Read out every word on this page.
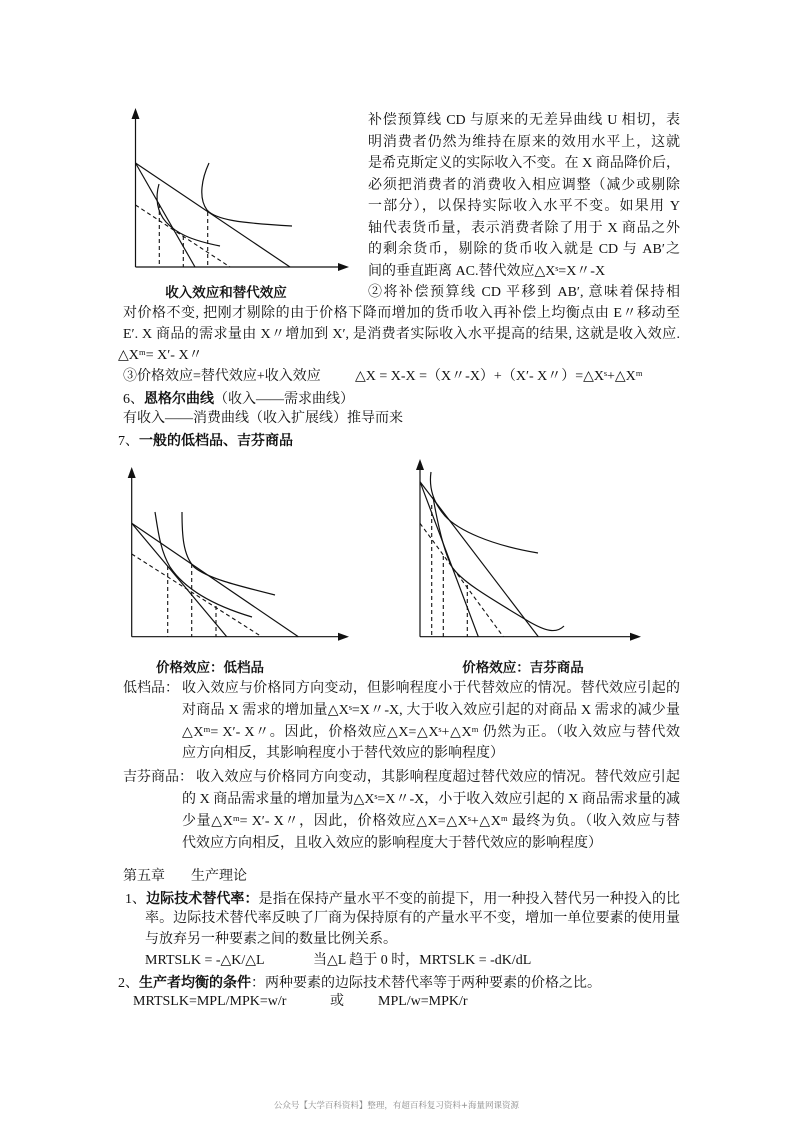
收入效应和替代效应
价格效应：低档品	价格效应：吉芬商品
补偿预算线 CD 与原来的无差异曲线 U 相切，表
明消费者仍然为维持在原来的效用水平上，这就
是希克斯定义的实际收入不变。在 X 商品降价后，
必须把消费者的消费收入相应调整（减少或剔除
一部分），以保持实际收入水平不变。如果用 Y
轴代表货币量，表示消费者除了用于 X 商品之外
的剩余货币，剔除的货币收入就是 CD 与 AB′之
间的垂直距离 AC.替代效应△Xˢ=X〃-X
②将补偿预算线 CD 平移到 AB′, 意味着保持相
对价格不变, 把刚才剔除的由于价格下降而增加的货币收入再补偿上均衡点由 E〃移动至
E′. X 商品的需求量由 X〃增加到 X′, 是消费者实际收入水平提高的结果, 这就是收入效应.
△Xᵐ= X′- X〃
③价格效应=替代效应+收入效应 △X = X-X =（X〃-X）+（X′- X〃）=△Xˢ+△Xᵐ
6、恩格尔曲线（收入——需求曲线）
有收入——消费曲线（收入扩展线）推导而来
7、一般的低档品、吉芬商品
低档品： 收入效应与价格同方向变动，但影响程度小于代替效应的情况。替代效应引起的
对商品 X 需求的增加量△Xˢ=X〃-X, 大于收入效应引起的对商品 X 需求的减少量
△Xᵐ= X′- X〃。因此，价格效应△X=△Xˢ+△Xᵐ 仍然为正。（收入效应与替代效
应方向相反，其影响程度小于替代效应的影响程度）
吉芬商品： 收入效应与价格同方向变动，其影响程度超过替代效应的情况。替代效应引起
的 X 商品需求量的增加量为△Xˢ=X〃-X，小于收入效应引起的 X 商品需求量的减
少量△Xᵐ= X′- X〃，因此，价格效应△X=△Xˢ+△Xᵐ 最终为负。（收入效应与替
代效应方向相反，且收入效应的影响程度大于替代效应的影响程度）
第五章 生产理论
1、边际技术替代率：是指在保持产量水平不变的前提下，用一种投入替代另一种投入的比
率。边际技术替代率反映了厂商为保持原有的产量水平不变，增加一单位要素的使用量
与放弃另一种要素之间的数量比例关系。
MRTSLK = -△K/△L	当△L 趋于 0 时，MRTSLK = -dK/dL
2、生产者均衡的条件：两种要素的边际技术替代率等于两种要素的价格之比。
MRTSLK=MPL/MPK=w/r	或 MPL/w=MPK/r
公众号【大学百科资料】整理，有超百科复习资料+海量网课资源
